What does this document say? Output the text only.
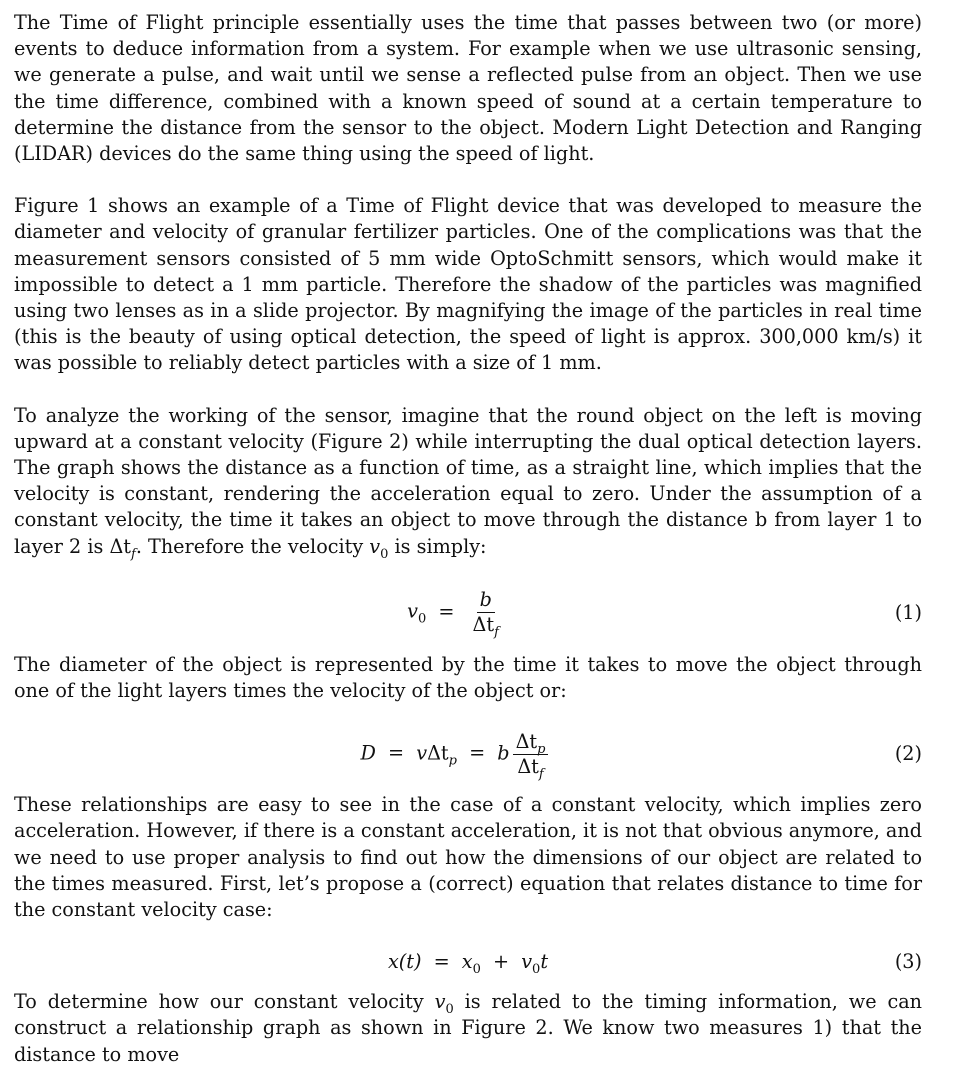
The Time of Flight principle essentially uses the time that passes between two (or more) events to deduce information from a system. For example when we use ultrasonic sensing, we generate a pulse, and wait until we sense a reflected pulse from an object. Then we use the time difference, combined with a known speed of sound at a certain temperature to determine the distance from the sensor to the object. Modern Light Detection and Ranging (LIDAR) devices do the same thing using the speed of light.

Figure 1 shows an example of a Time of Flight device that was developed to measure the diameter and velocity of granular fertilizer particles. One of the complications was that the measurement sensors consisted of 5 mm wide OptoSchmitt sensors, which would make it impossible to detect a 1 mm particle. Therefore the shadow of the particles was magnified using two lenses as in a slide projector. By magnifying the image of the particles in real time (this is the beauty of using optical detection, the speed of light is approx. 300,000 km/s) it was possible to reliably detect particles with a size of 1 mm.

To analyze the working of the sensor, imagine that the round object on the left is moving upward at a constant velocity (Figure 2) while interrupting the dual optical detection layers. The graph shows the distance as a function of time, as a straight line, which implies that the velocity is constant, rendering the acceleration equal to zero. Under the assumption of a constant velocity, the time it takes an object to move through the distance b from layer 1 to layer 2 is $\Delta t_f$. Therefore the velocity $v_0$ is simply:

$v_0 = \frac{b}{\Delta t_f}$	(1)

The diameter of the object is represented by the time it takes to move the object through one of the light layers times the velocity of the object or:

D = vΔt$_p$ = b $\frac{\Delta t_p}{\Delta t_f}$	(2)

These relationships are easy to see in the case of a constant velocity, which implies zero acceleration. However, if there is a constant acceleration, it is not that obvious anymore, and we need to use proper analysis to find out how the dimensions of our object are related to the times measured. First, let’s propose a (correct) equation that relates distance to time for the constant velocity case:

$x(t) = x_0 + v_0t$	(3)

To determine how our constant velocity $v_0$ is related to the timing information, we can construct a relationship graph as shown in Figure 2. We know two measures 1) that the distance to move
